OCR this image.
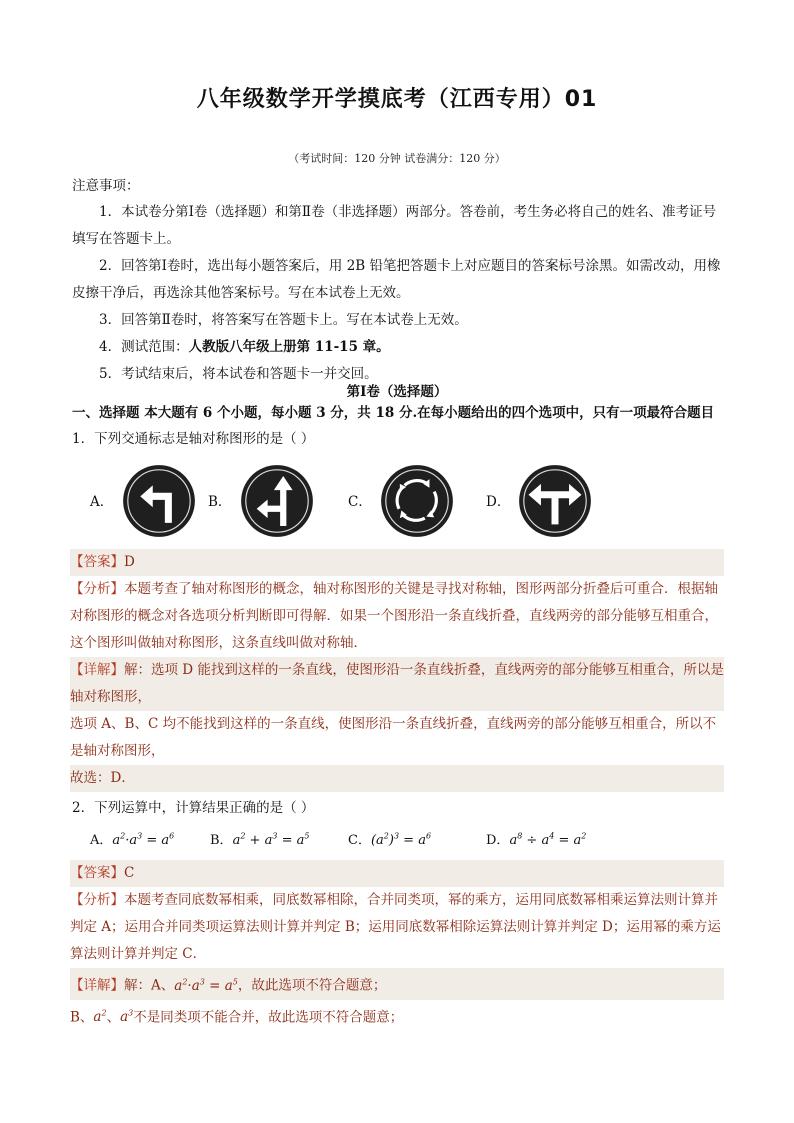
八年级数学开学摸底考（江西专用）01
（考试时间：120 分钟 试卷满分：120 分）
注意事项：

1．本试卷分第Ⅰ卷（选择题）和第Ⅱ卷（非选择题）两部分。答卷前，考生务必将自己的姓名、准考证号填写在答题卡上。

2．回答第Ⅰ卷时，选出每小题答案后，用 2B 铅笔把答题卡上对应题目的答案标号涂黑。如需改动，用橡皮擦干净后，再选涂其他答案标号。写在本试卷上无效。

3．回答第Ⅱ卷时，将答案写在答题卡上。写在本试卷上无效。

4．测试范围：人教版八年级上册第 11-15 章。

5．考试结束后，将本试卷和答题卡一并交回。

第Ⅰ卷（选择题）
一、选择题 本大题有 6 个小题，每小题 3 分，共 18 分.在每小题给出的四个选项中，只有一项最符合题目
1．下列交通标志是轴对称图形的是（ ）
A．	B．	C．	D．

【答案】D

【分析】本题考查了轴对称图形的概念，轴对称图形的关键是寻找对称轴，图形两部分折叠后可重合．根据轴对称图形的概念对各选项分析判断即可得解．如果一个图形沿一条直线折叠，直线两旁的部分能够互相重合，这个图形叫做轴对称图形，这条直线叫做对称轴．

【详解】解：选项 D 能找到这样的一条直线，使图形沿一条直线折叠，直线两旁的部分能够互相重合，所以是轴对称图形，

选项 A、B、C 均不能找到这样的一条直线，使图形沿一条直线折叠，直线两旁的部分能够互相重合，所以不是轴对称图形，

故选：D．

2．下列运算中，计算结果正确的是（ ）
A．$a^2\cdot a^3 = a^6$	B．$a^2 + a^3 = a^5$	C．$(a^2)^3 = a^6$	D．$a^8 \div a^4 = a^2$

【答案】C

【分析】本题考查同底数幂相乘，同底数幂相除，合并同类项，幂的乘方，运用同底数幂相乘运算法则计算并判定 A；运用合并同类项运算法则计算并判定 B；运用同底数幂相除运算法则计算并判定 D；运用幂的乘方运算法则计算并判定 C．

【详解】解：A、$a^2\cdot a^3 = a^5$，故此选项不符合题意；

B、$a^2$、$a^3$不是同类项不能合并，故此选项不符合题意；
